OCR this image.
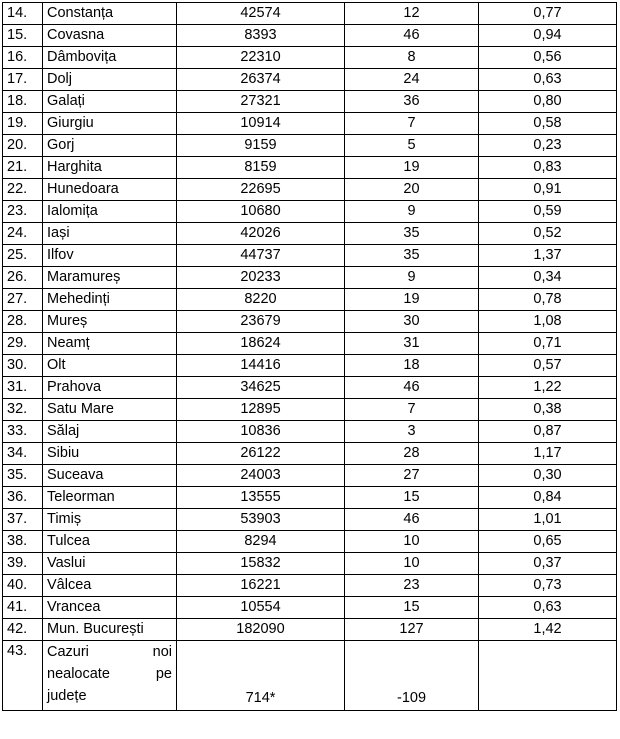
14.	Constanța	42574	12	0,77
15.	Covasna	8393	46	0,94
16.	Dâmbovița	22310	8	0,56
17.	Dolj	26374	24	0,63
18.	Galați	27321	36	0,80
19.	Giurgiu	10914	7	0,58
20.	Gorj	9159	5	0,23
21.	Harghita	8159	19	0,83
22.	Hunedoara	22695	20	0,91
23.	Ialomița	10680	9	0,59
24.	Iași	42026	35	0,52
25.	Ilfov	44737	35	1,37
26.	Maramureș	20233	9	0,34
27.	Mehedinți	8220	19	0,78
28.	Mureș	23679	30	1,08
29.	Neamț	18624	31	0,71
30.	Olt	14416	18	0,57
31.	Prahova	34625	46	1,22
32.	Satu Mare	12895	7	0,38
33.	Sălaj	10836	3	0,87
34.	Sibiu	26122	28	1,17
35.	Suceava	24003	27	0,30
36.	Teleorman	13555	15	0,84
37.	Timiș	53903	46	1,01
38.	Tulcea	8294	10	0,65
39.	Vaslui	15832	10	0,37
40.	Vâlcea	16221	23	0,73
41.	Vrancea	10554	15	0,63
42.	Mun. București	182090	127	1,42
43.	Cazuri noi
nealocate pe
județe	714*	-109	
